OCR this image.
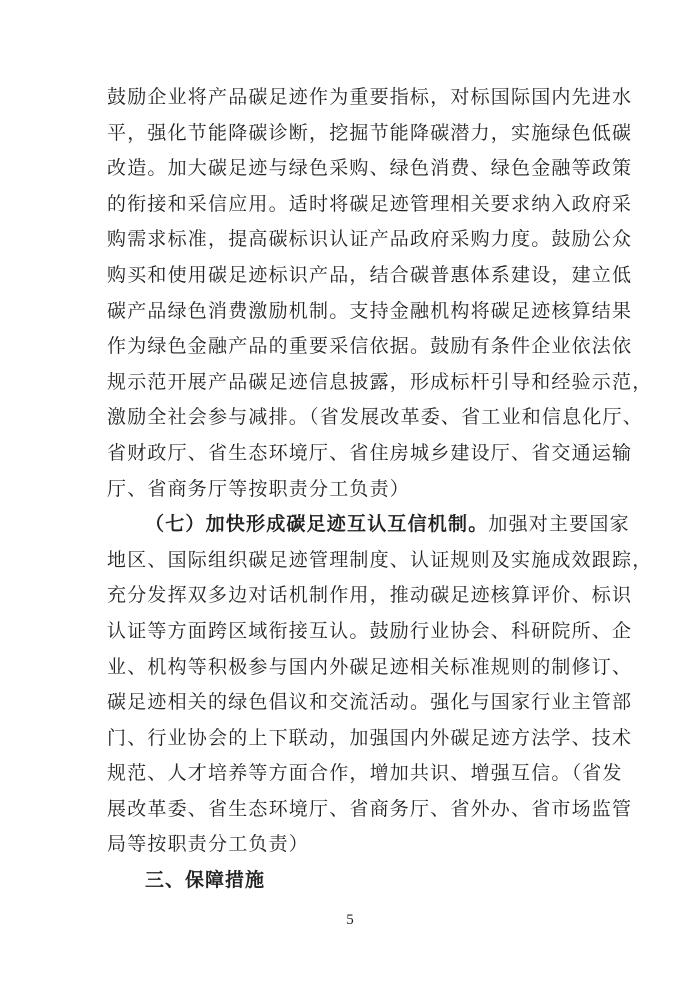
鼓励企业将产品碳足迹作为重要指标，对标国际国内先进水
平，强化节能降碳诊断，挖掘节能降碳潜力，实施绿色低碳
改造。加大碳足迹与绿色采购、绿色消费、绿色金融等政策
的衔接和采信应用。适时将碳足迹管理相关要求纳入政府采
购需求标准，提高碳标识认证产品政府采购力度。鼓励公众
购买和使用碳足迹标识产品，结合碳普惠体系建设，建立低
碳产品绿色消费激励机制。支持金融机构将碳足迹核算结果
作为绿色金融产品的重要采信依据。鼓励有条件企业依法依
规示范开展产品碳足迹信息披露，形成标杆引导和经验示范，
激励全社会参与减排。（省发展改革委、省工业和信息化厅、
省财政厅、省生态环境厅、省住房城乡建设厅、省交通运输
厅、省商务厅等按职责分工负责）
（七）加快形成碳足迹互认互信机制。加强对主要国家
地区、国际组织碳足迹管理制度、认证规则及实施成效跟踪，
充分发挥双多边对话机制作用，推动碳足迹核算评价、标识
认证等方面跨区域衔接互认。鼓励行业协会、科研院所、企
业、机构等积极参与国内外碳足迹相关标准规则的制修订、
碳足迹相关的绿色倡议和交流活动。强化与国家行业主管部
门、行业协会的上下联动，加强国内外碳足迹方法学、技术
规范、人才培养等方面合作，增加共识、增强互信。（省发
展改革委、省生态环境厅、省商务厅、省外办、省市场监管
局等按职责分工负责）
三、保障措施
5
